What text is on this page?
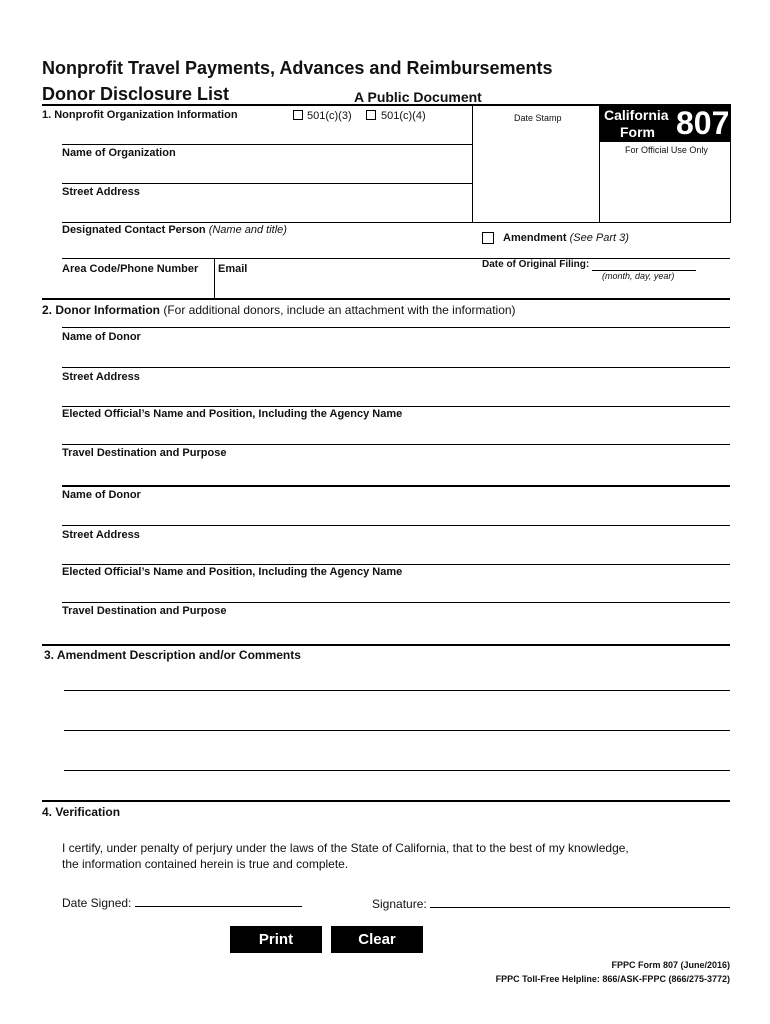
Nonprofit Travel Payments, Advances and Reimbursements
Donor Disclosure List	A Public Document
Date Stamp	California
Form 807
For Official Use Only
1. Nonprofit Organization Information	501(c)(3)	501(c)(4)
Name of Organization
Street Address
Designated Contact Person (Name and title)
Area Code/Phone Number Email
Amendment (See Part 3)
Date of Original Filing:
(month, day, year)
2. Donor Information (For additional donors, include an attachment with the information)
Name of Donor
Street Address
Elected Official’s Name and Position, Including the Agency Name
Travel Destination and Purpose
Name of Donor
Street Address
Elected Official’s Name and Position, Including the Agency Name
Travel Destination and Purpose
3. Amendment Description and/or Comments
4. Verification
I certify, under penalty of perjury under the laws of the State of California, that to the best of my knowledge,
the information contained herein is true and complete.
Date Signed:	Signature:
Print	Clear
FPPC Form 807 (June/2016)
FPPC Toll-Free Helpline: 866/ASK-FPPC (866/275-3772)
